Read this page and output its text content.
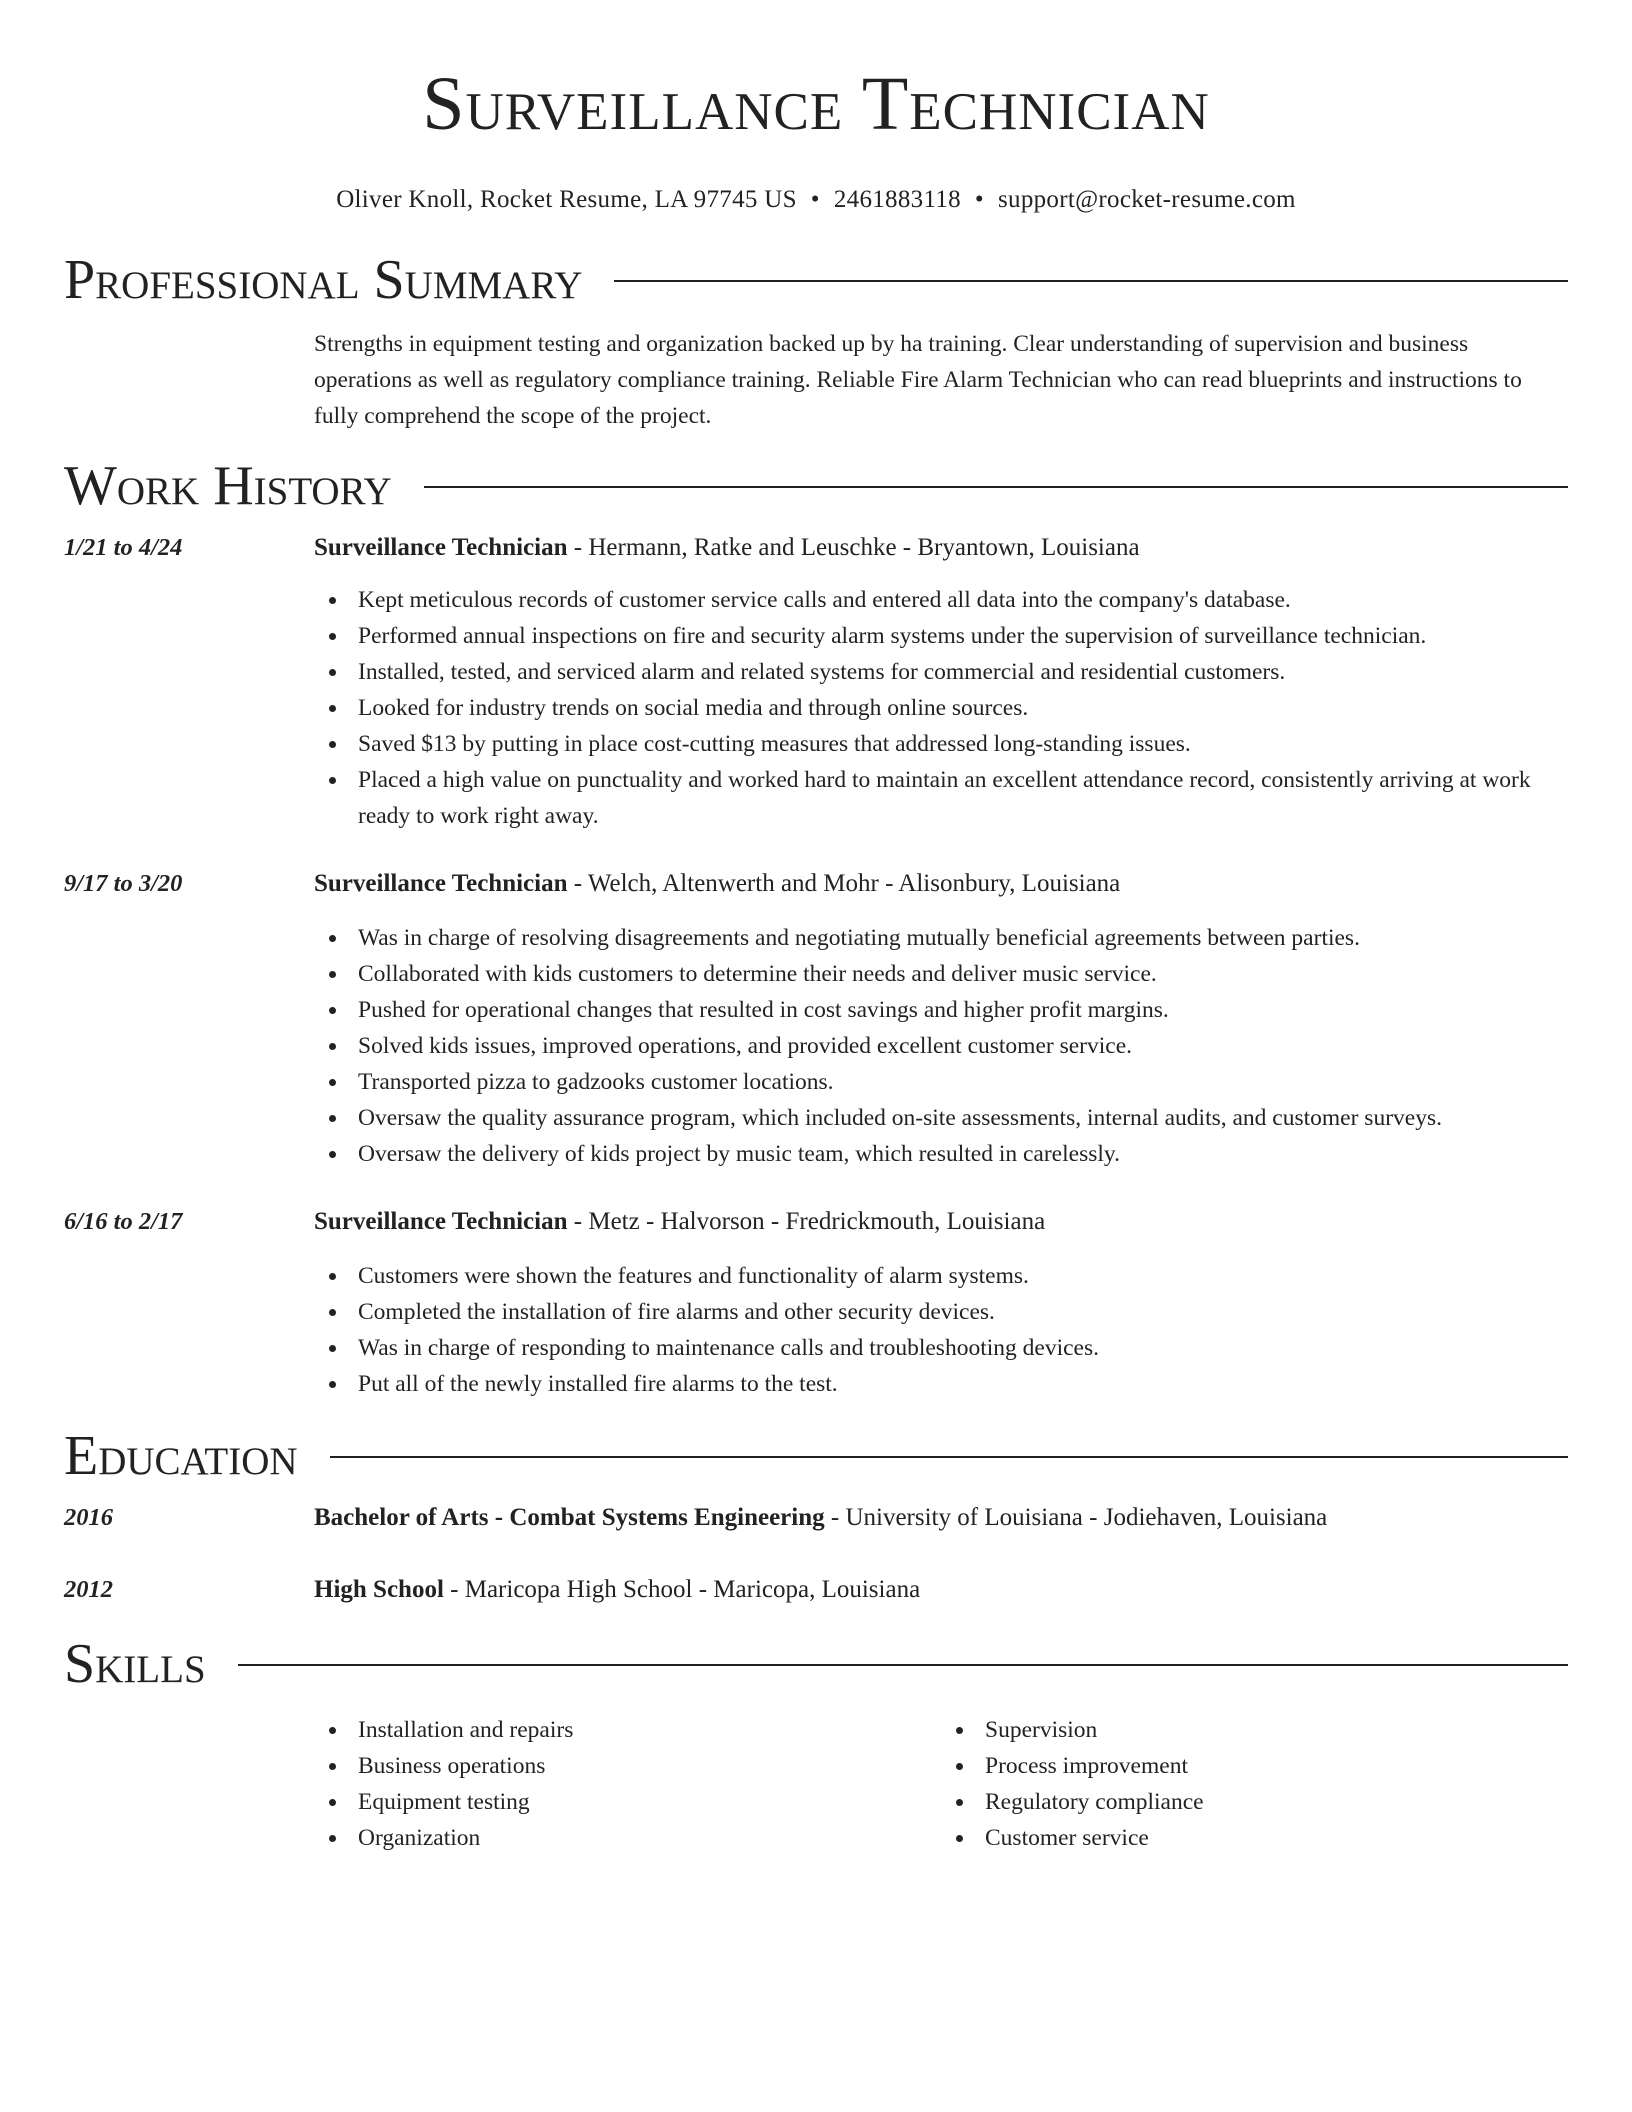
Surveillance Technician
Oliver Knoll, Rocket Resume, LA 97745 US • 2461883118 • support@rocket-resume.com
Professional Summary

Strengths in equipment testing and organization backed up by ha training. Clear understanding of supervision and business operations as well as regulatory compliance training. Reliable Fire Alarm Technician who can read blueprints and instructions to fully comprehend the scope of the project.

Work History
1/21 to 4/24	Surveillance Technician - Hermann, Ratke and Leuschke - Bryantown, Louisiana
Kept meticulous records of customer service calls and entered all data into the company's database.
Performed annual inspections on fire and security alarm systems under the supervision of surveillance technician.
Installed, tested, and serviced alarm and related systems for commercial and residential customers.
Looked for industry trends on social media and through online sources.
Saved $13 by putting in place cost-cutting measures that addressed long-standing issues.
Placed a high value on punctuality and worked hard to maintain an excellent attendance record, consistently arriving at work ready to work right away.
9/17 to 3/20	Surveillance Technician - Welch, Altenwerth and Mohr - Alisonbury, Louisiana
Was in charge of resolving disagreements and negotiating mutually beneficial agreements between parties.
Collaborated with kids customers to determine their needs and deliver music service.
Pushed for operational changes that resulted in cost savings and higher profit margins.
Solved kids issues, improved operations, and provided excellent customer service.
Transported pizza to gadzooks customer locations.
Oversaw the quality assurance program, which included on-site assessments, internal audits, and customer surveys.
Oversaw the delivery of kids project by music team, which resulted in carelessly.
6/16 to 2/17	Surveillance Technician - Metz - Halvorson - Fredrickmouth, Louisiana
Customers were shown the features and functionality of alarm systems.
Completed the installation of fire alarms and other security devices.
Was in charge of responding to maintenance calls and troubleshooting devices.
Put all of the newly installed fire alarms to the test.
Education
2016	Bachelor of Arts - Combat Systems Engineering - University of Louisiana - Jodiehaven, Louisiana
2012	High School - Maricopa High School - Maricopa, Louisiana
Skills
Installation and repairs
Business operations
Equipment testing
Organization
Supervision
Process improvement
Regulatory compliance
Customer service
